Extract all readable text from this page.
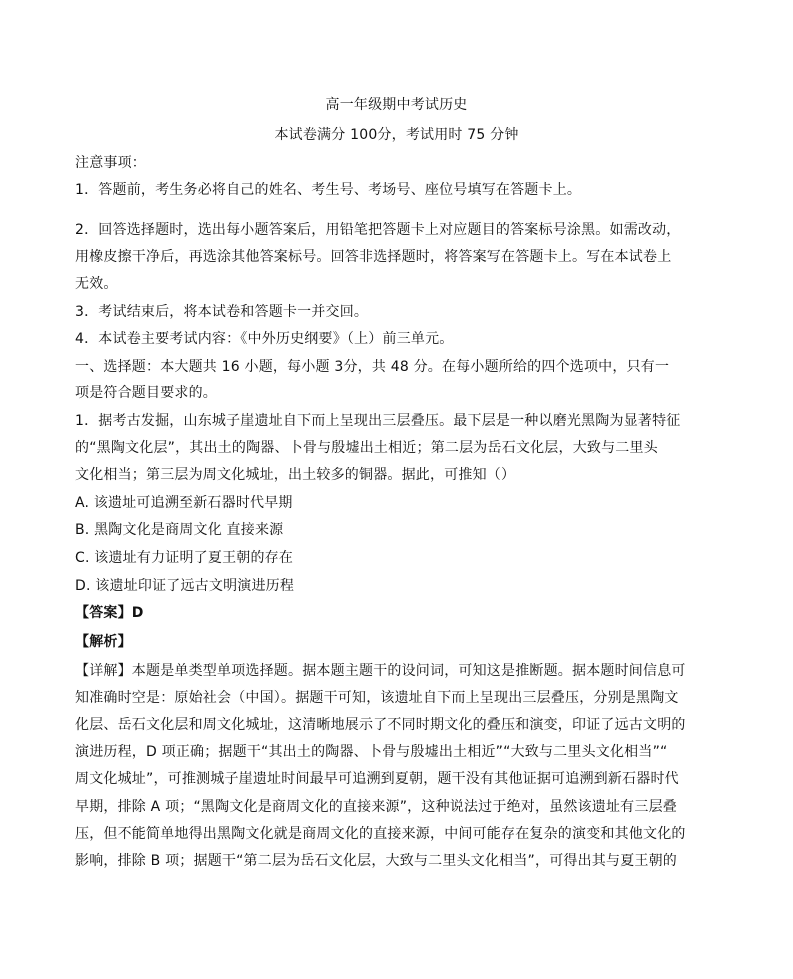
高一年级期中考试历史
本试卷满分 100分，考试用时 75 分钟
注意事项：
1．答题前，考生务必将自己的姓名、考生号、考场号、座位号填写在答题卡上。
2．回答选择题时，选出每小题答案后，用铅笔把答题卡上对应题目的答案标号涂黑。如需改动，
用橡皮擦干净后，再选涂其他答案标号。回答非选择题时，将答案写在答题卡上。写在本试卷上
无效。
3．考试结束后，将本试卷和答题卡一并交回。
4．本试卷主要考试内容：《中外历史纲要》（上）前三单元。
一、选择题：本大题共 16 小题，每小题 3分，共 48 分。在每小题所给的四个选项中，只有一
项是符合题目要求的。
1．据考古发掘，山东城子崖遗址自下而上呈现出三层叠压。最下层是一种以磨光黑陶为显著特征
的“黑陶文化层”，其出土的陶器、卜骨与殷墟出土相近；第二层为岳石文化层，大致与二里头
文化相当；第三层为周文化城址，出土较多的铜器。据此，可推知（）
A. 该遗址可追溯至新石器时代早期
B. 黑陶文化是商周文化 直接来源
C. 该遗址有力证明了夏王朝的存在
D. 该遗址印证了远古文明演进历程
【答案】D
【解析】
【详解】本题是单类型单项选择题。据本题主题干的设问词，可知这是推断题。据本题时间信息可
知准确时空是：原始社会（中国）。据题干可知，该遗址自下而上呈现出三层叠压，分别是黑陶文
化层、岳石文化层和周文化城址，这清晰地展示了不同时期文化的叠压和演变，印证了远古文明的
演进历程，D 项正确；据题干“其出土的陶器、卜骨与殷墟出土相近”“大致与二里头文化相当”“
周文化城址”，可推测城子崖遗址时间最早可追溯到夏朝，题干没有其他证据可追溯到新石器时代
早期，排除 A 项；“黑陶文化是商周文化的直接来源”，这种说法过于绝对，虽然该遗址有三层叠
压，但不能简单地得出黑陶文化就是商周文化的直接来源，中间可能存在复杂的演变和其他文化的
影响，排除 B 项；据题干“第二层为岳石文化层，大致与二里头文化相当”，可得出其与夏王朝的
